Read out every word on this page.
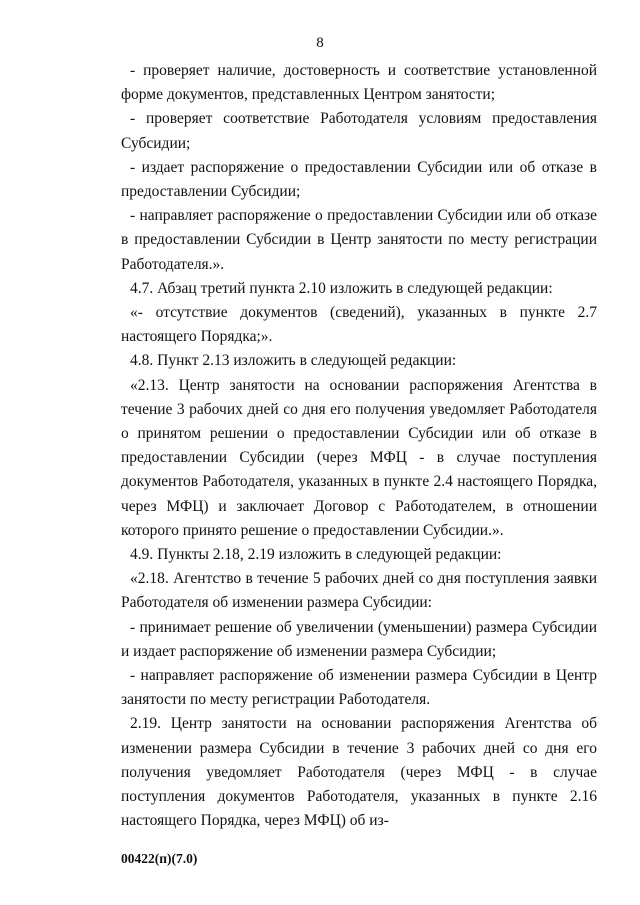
8

- проверяет наличие, достоверность и соответствие установленной форме документов, представленных Центром занятости;

- проверяет соответствие Работодателя условиям предоставления Субсидии;

- издает распоряжение о предоставлении Субсидии или об отказе в предоставлении Субсидии;

- направляет распоряжение о предоставлении Субсидии или об отказе в предоставлении Субсидии в Центр занятости по месту регистрации Работодателя.».

4.7. Абзац третий пункта 2.10 изложить в следующей редакции:

«- отсутствие документов (сведений), указанных в пункте 2.7 настоящего Порядка;».

4.8. Пункт 2.13 изложить в следующей редакции:

«2.13. Центр занятости на основании распоряжения Агентства в течение 3 рабочих дней со дня его получения уведомляет Работодателя о принятом решении о предоставлении Субсидии или об отказе в предоставлении Субсидии (через МФЦ - в случае поступления документов Работодателя, указанных в пункте 2.4 настоящего Порядка, через МФЦ) и заключает Договор с Работодателем, в отношении которого принято решение о предоставлении Субсидии.».

4.9. Пункты 2.18, 2.19 изложить в следующей редакции:

«2.18. Агентство в течение 5 рабочих дней со дня поступления заявки Работодателя об изменении размера Субсидии:

- принимает решение об увеличении (уменьшении) размера Субсидии и издает распоряжение об изменении размера Субсидии;

- направляет распоряжение об изменении размера Субсидии в Центр занятости по месту регистрации Работодателя.

2.19. Центр занятости на основании распоряжения Агентства об изменении размера Субсидии в течение 3 рабочих дней со дня его получения уведомляет Работодателя (через МФЦ - в случае поступления документов Работодателя, указанных в пункте 2.16 настоящего Порядка, через МФЦ) об из-

00422(п)(7.0)
